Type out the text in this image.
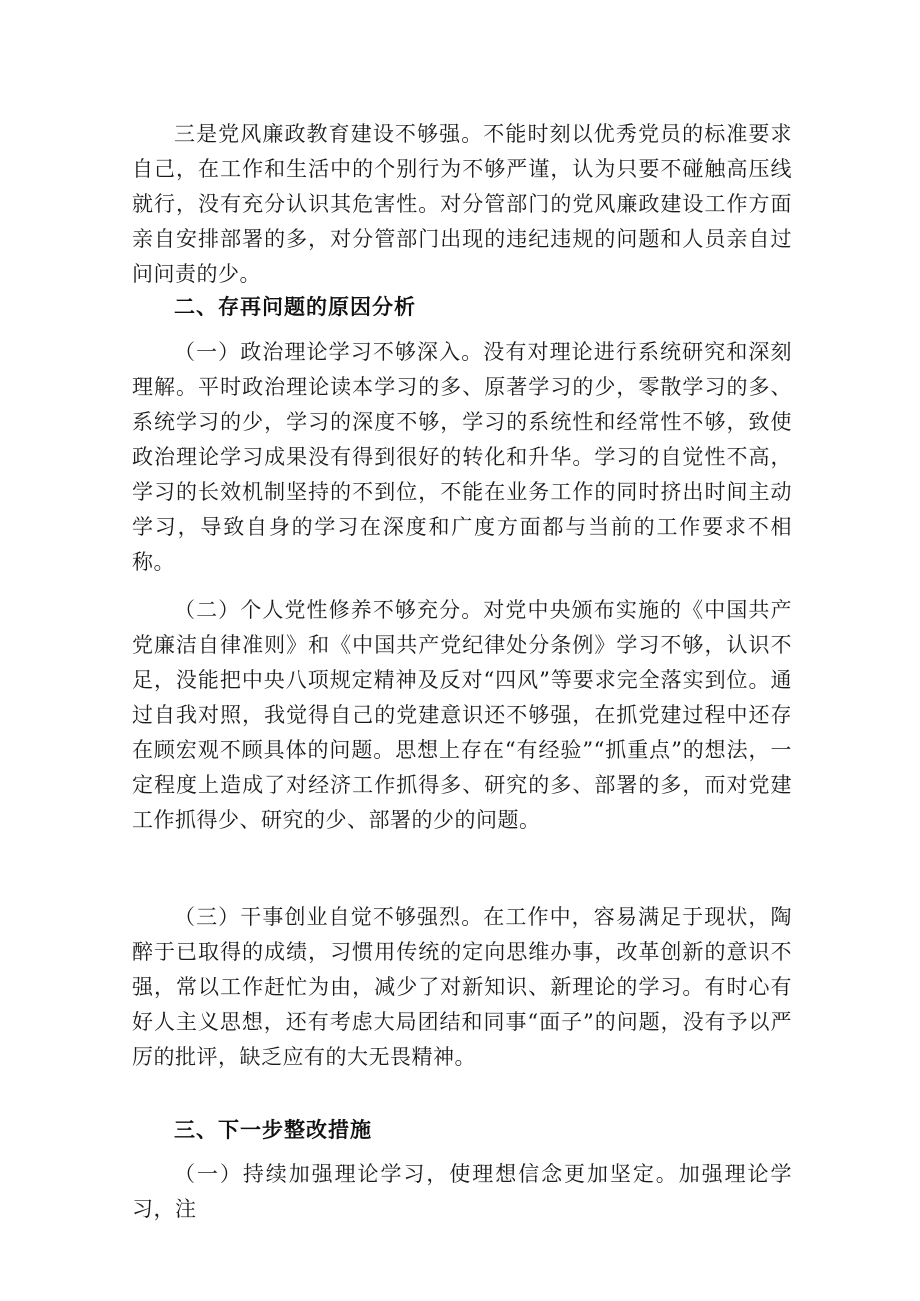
三是党风廉政教育建设不够强。不能时刻以优秀党员的标准要求自己，在工作和生活中的个别行为不够严谨，认为只要不碰触高压线就行，没有充分认识其危害性。对分管部门的党风廉政建设工作方面亲自安排部署的多，对分管部门出现的违纪违规的问题和人员亲自过问问责的少。

二、存再问题的原因分析

（一）政治理论学习不够深入。没有对理论进行系统研究和深刻理解。平时政治理论读本学习的多、原著学习的少，零散学习的多、系统学习的少，学习的深度不够，学习的系统性和经常性不够，致使政治理论学习成果没有得到很好的转化和升华。学习的自觉性不高，学习的长效机制坚持的不到位，不能在业务工作的同时挤出时间主动学习，导致自身的学习在深度和广度方面都与当前的工作要求不相称。

（二）个人党性修养不够充分。对党中央颁布实施的《中国共产党廉洁自律准则》和《中国共产党纪律处分条例》学习不够，认识不足，没能把中央八项规定精神及反对“四风”等要求完全落实到位。通过自我对照，我觉得自己的党建意识还不够强，在抓党建过程中还存在顾宏观不顾具体的问题。思想上存在“有经验”“抓重点”的想法，一定程度上造成了对经济工作抓得多、研究的多、部署的多，而对党建工作抓得少、研究的少、部署的少的问题。

（三）干事创业自觉不够强烈。在工作中，容易满足于现状，陶醉于已取得的成绩，习惯用传统的定向思维办事，改革创新的意识不强，常以工作赶忙为由，减少了对新知识、新理论的学习。有时心有好人主义思想，还有考虑大局团结和同事“面子”的问题，没有予以严厉的批评，缺乏应有的大无畏精神。

三、下一步整改措施

（一）持续加强理论学习，使理想信念更加坚定。加强理论学习，注
